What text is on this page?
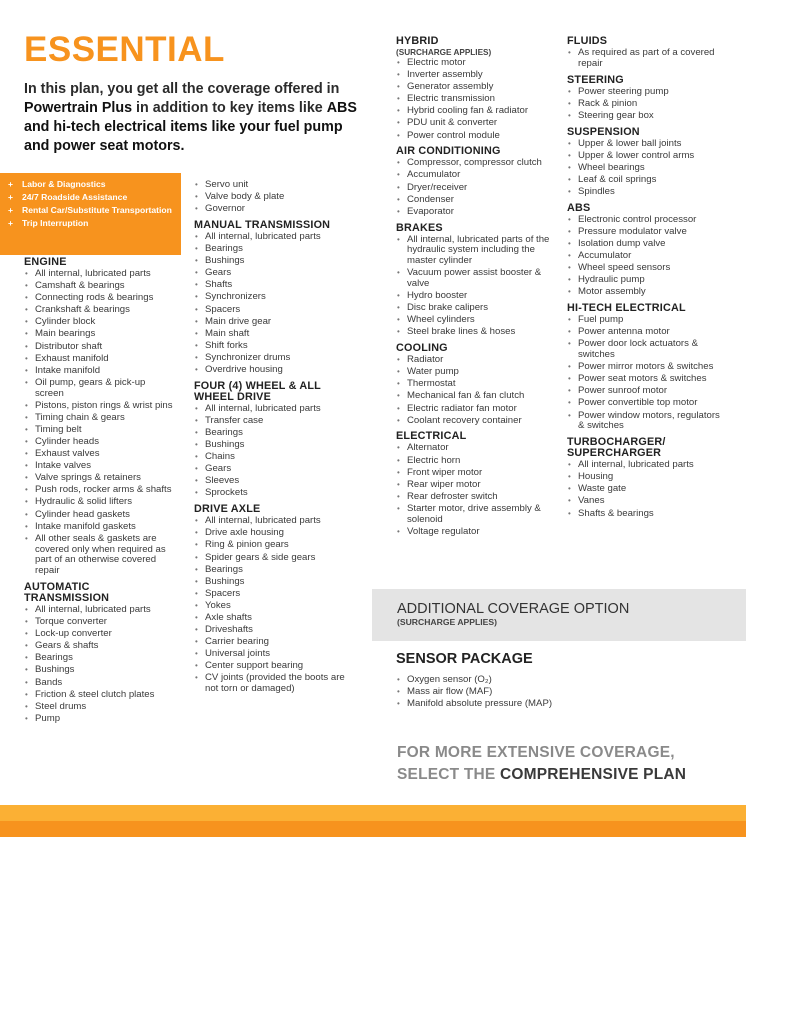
ESSENTIAL

In this plan, you get all the coverage offered in Powertrain Plus in addition to key items like ABS and hi-tech electrical items like your fuel pump and power seat motors.

+ Labor & Diagnostics
+ 24/7 Roadside Assistance
+ Rental Car/Substitute Transportation
+ Trip Interruption
ENGINE
• All internal, lubricated parts
• Camshaft & bearings
• Connecting rods & bearings
• Crankshaft & bearings
• Cylinder block
• Main bearings
• Distributor shaft
• Exhaust manifold
• Intake manifold
• Oil pump, gears & pick-up screen
• Pistons, piston rings & wrist pins
• Timing chain & gears
• Timing belt
• Cylinder heads
• Exhaust valves
• Intake valves
• Valve springs & retainers
• Push rods, rocker arms & shafts
• Hydraulic & solid lifters
• Cylinder head gaskets
• Intake manifold gaskets
• All other seals & gaskets are covered only when required as part of an otherwise covered repair
AUTOMATIC TRANSMISSION
• All internal, lubricated parts
• Torque converter
• Lock-up converter
• Gears & shafts
• Bearings
• Bushings
• Bands
• Friction & steel clutch plates
• Steel drums
• Pump
• Servo unit
• Valve body & plate
• Governor
MANUAL TRANSMISSION
• All internal, lubricated parts
• Bearings
• Bushings
• Gears
• Shafts
• Synchronizers
• Spacers
• Main drive gear
• Main shaft
• Shift forks
• Synchronizer drums
• Overdrive housing
FOUR (4) WHEEL & ALL WHEEL DRIVE
• All internal, lubricated parts
• Transfer case
• Bearings
• Bushings
• Chains
• Gears
• Sleeves
• Sprockets
DRIVE AXLE
• All internal, lubricated parts
• Drive axle housing
• Ring & pinion gears
• Spider gears & side gears
• Bearings
• Bushings
• Spacers
• Yokes
• Axle shafts
• Driveshafts
• Carrier bearing
• Universal joints
• Center support bearing
• CV joints (provided the boots are not torn or damaged)
HYBRID
(SURCHARGE APPLIES)
• Electric motor
• Inverter assembly
• Generator assembly
• Electric transmission
• Hybrid cooling fan & radiator
• PDU unit & converter
• Power control module
AIR CONDITIONING
• Compressor, compressor clutch
• Accumulator
• Dryer/receiver
• Condenser
• Evaporator
BRAKES
• All internal, lubricated parts of the hydraulic system including the master cylinder
• Vacuum power assist booster & valve
• Hydro booster
• Disc brake calipers
• Wheel cylinders
• Steel brake lines & hoses
COOLING
• Radiator
• Water pump
• Thermostat
• Mechanical fan & fan clutch
• Electric radiator fan motor
• Coolant recovery container
ELECTRICAL
• Alternator
• Electric horn
• Front wiper motor
• Rear wiper motor
• Rear defroster switch
• Starter motor, drive assembly & solenoid
• Voltage regulator
FLUIDS
• As required as part of a covered repair
STEERING
• Power steering pump
• Rack & pinion
• Steering gear box
SUSPENSION
• Upper & lower ball joints
• Upper & lower control arms
• Wheel bearings
• Leaf & coil springs
• Spindles
ABS
• Electronic control processor
• Pressure modulator valve
• Isolation dump valve
• Accumulator
• Wheel speed sensors
• Hydraulic pump
• Motor assembly
HI-TECH ELECTRICAL
• Fuel pump
• Power antenna motor
• Power door lock actuators & switches
• Power mirror motors & switches
• Power seat motors & switches
• Power sunroof motor
• Power convertible top motor
• Power window motors, regulators & switches
TURBOCHARGER/ SUPERCHARGER
• All internal, lubricated parts
• Housing
• Waste gate
• Vanes
• Shafts & bearings
ADDITIONAL COVERAGE OPTION
(SURCHARGE APPLIES)
SENSOR PACKAGE
• Oxygen sensor (O₂)
• Mass air flow (MAF)
• Manifold absolute pressure (MAP)

FOR MORE EXTENSIVE COVERAGE,
SELECT THE COMPREHENSIVE PLAN
